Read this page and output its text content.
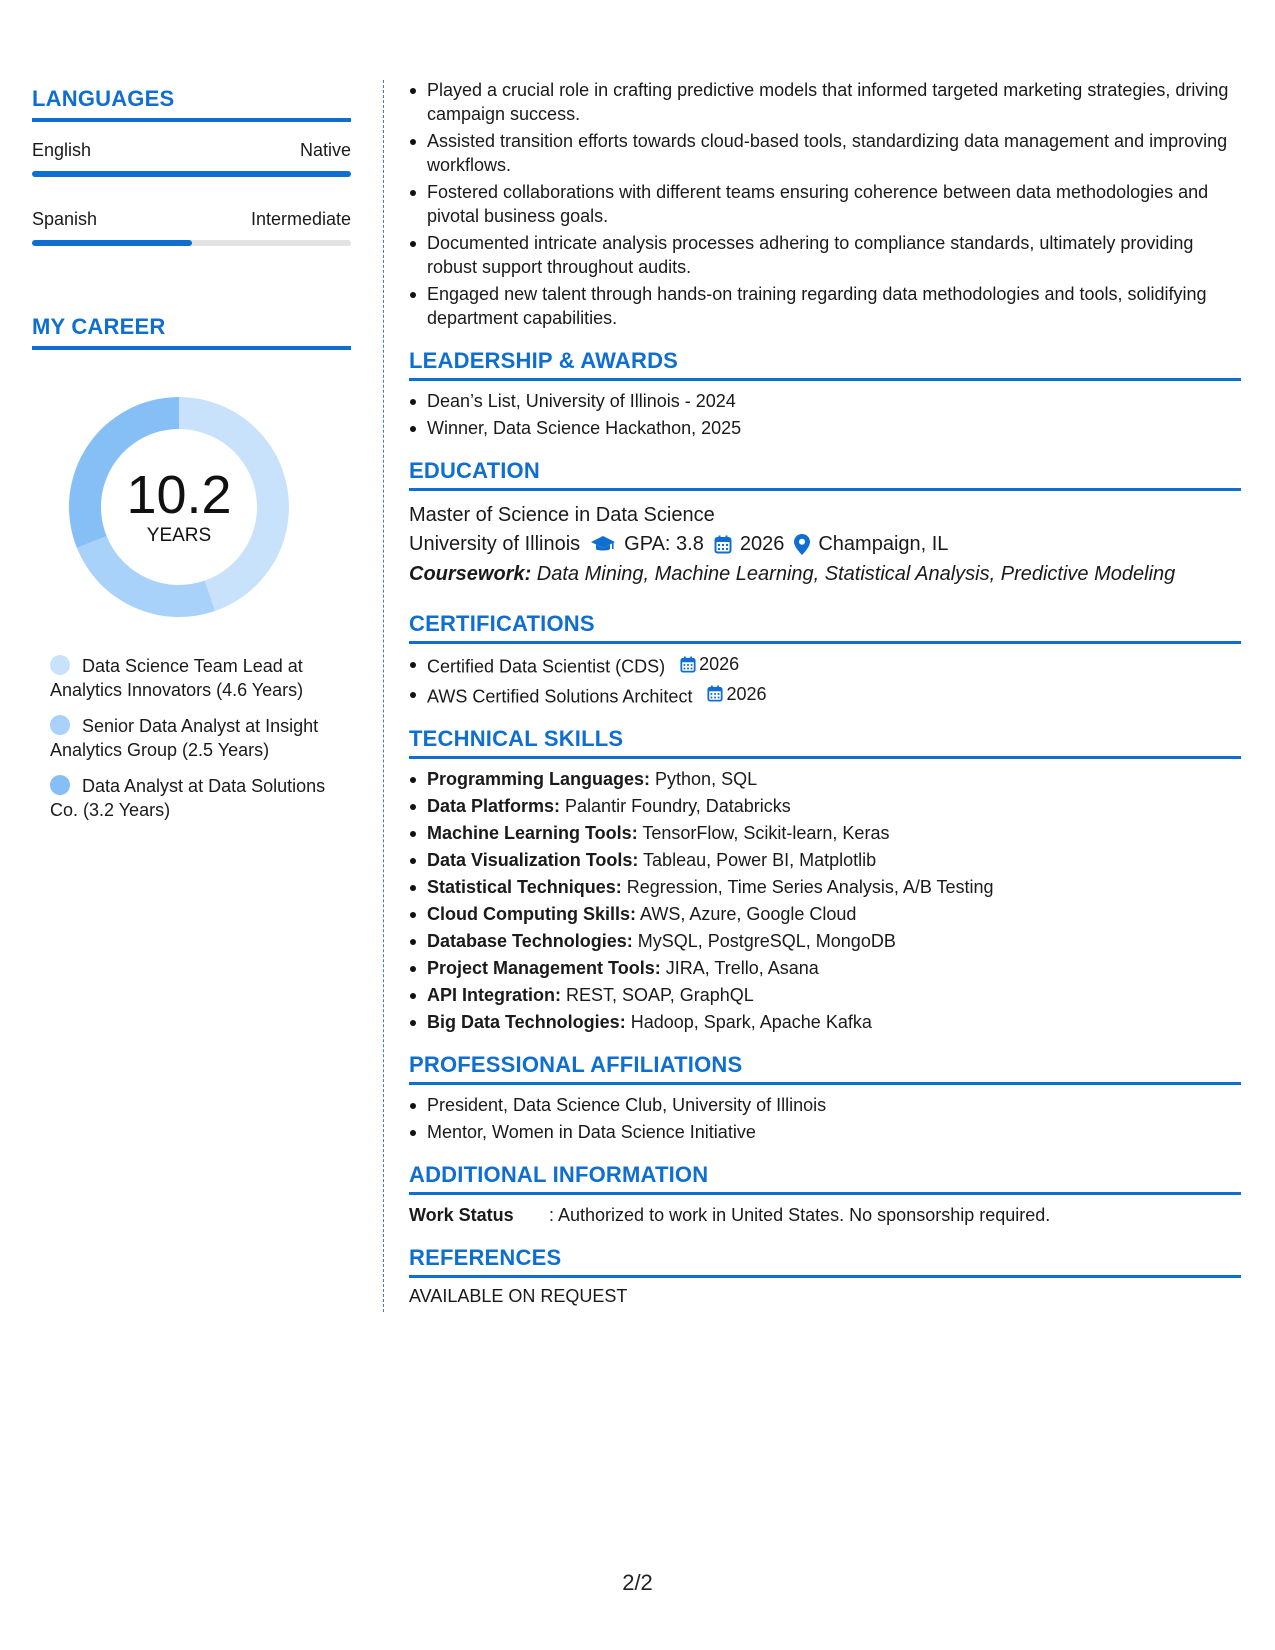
LANGUAGES
English	Native
Spanish	Intermediate
MY CAREER
10.2
YEARS
Data Science Team Lead at Analytics Innovators (4.6 Years)
Senior Data Analyst at Insight Analytics Group (2.5 Years)
Data Analyst at Data Solutions Co. (3.2 Years)
Played a crucial role in crafting predictive models that informed targeted marketing strategies, driving campaign success.
Assisted transition efforts towards cloud-based tools, standardizing data management and improving workflows.
Fostered collaborations with different teams ensuring coherence between data methodologies and pivotal business goals.
Documented intricate analysis processes adhering to compliance standards, ultimately providing robust support throughout audits.
Engaged new talent through hands-on training regarding data methodologies and tools, solidifying department capabilities.
LEADERSHIP & AWARDS
Dean’s List, University of Illinois - 2024
Winner, Data Science Hackathon, 2025
EDUCATION
Master of Science in Data Science
University of Illinois GPA: 3.8 2026 Champaign, IL
Coursework: Data Mining, Machine Learning, Statistical Analysis, Predictive Modeling
CERTIFICATIONS
Certified Data Scientist (CDS) 2026
AWS Certified Solutions Architect 2026
TECHNICAL SKILLS
Programming Languages: Python, SQL
Data Platforms: Palantir Foundry, Databricks
Machine Learning Tools: TensorFlow, Scikit-learn, Keras
Data Visualization Tools: Tableau, Power BI, Matplotlib
Statistical Techniques: Regression, Time Series Analysis, A/B Testing
Cloud Computing Skills: AWS, Azure, Google Cloud
Database Technologies: MySQL, PostgreSQL, MongoDB
Project Management Tools: JIRA, Trello, Asana
API Integration: REST, SOAP, GraphQL
Big Data Technologies: Hadoop, Spark, Apache Kafka
PROFESSIONAL AFFILIATIONS
President, Data Science Club, University of Illinois
Mentor, Women in Data Science Initiative
ADDITIONAL INFORMATION
Work Status	: Authorized to work in United States. No sponsorship required.
REFERENCES
AVAILABLE ON REQUEST
2/2
